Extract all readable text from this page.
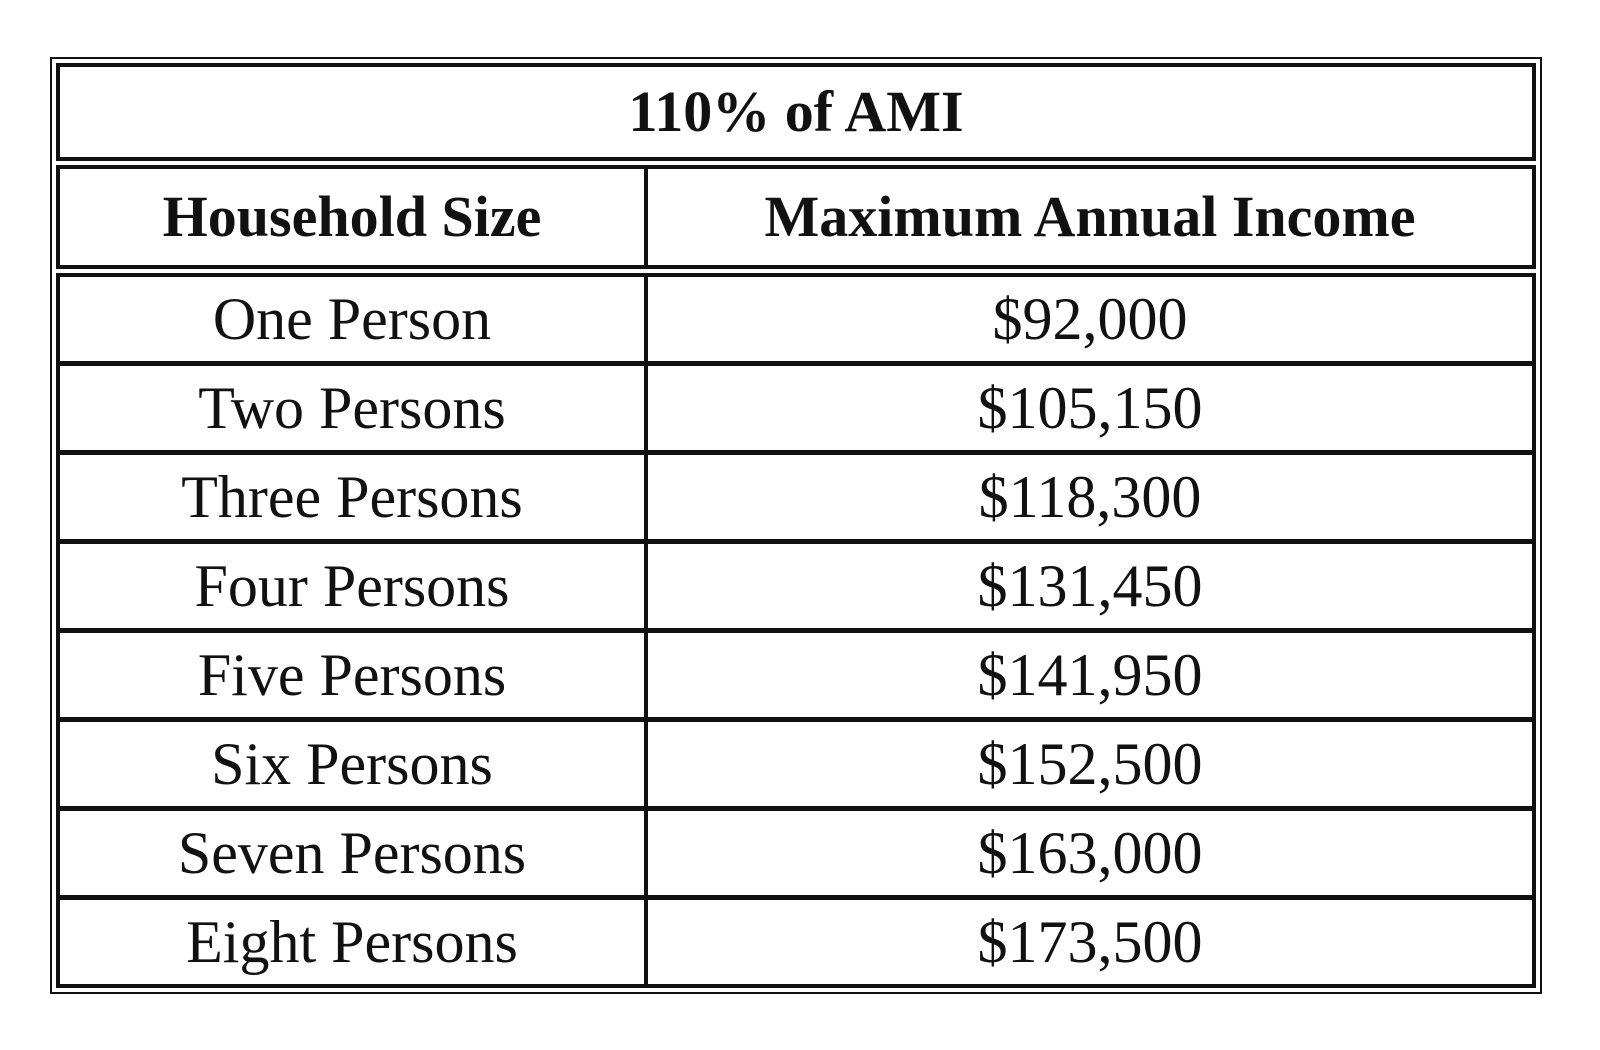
110% of AMI	

Household Size	Maximum Annual Income

One Person	$92,000
Two Persons	$105,150
Three Persons	$118,300
Four Persons	$131,450
Five Persons	$141,950
Six Persons	$152,500
Seven Persons	$163,000
Eight Persons	$173,500
